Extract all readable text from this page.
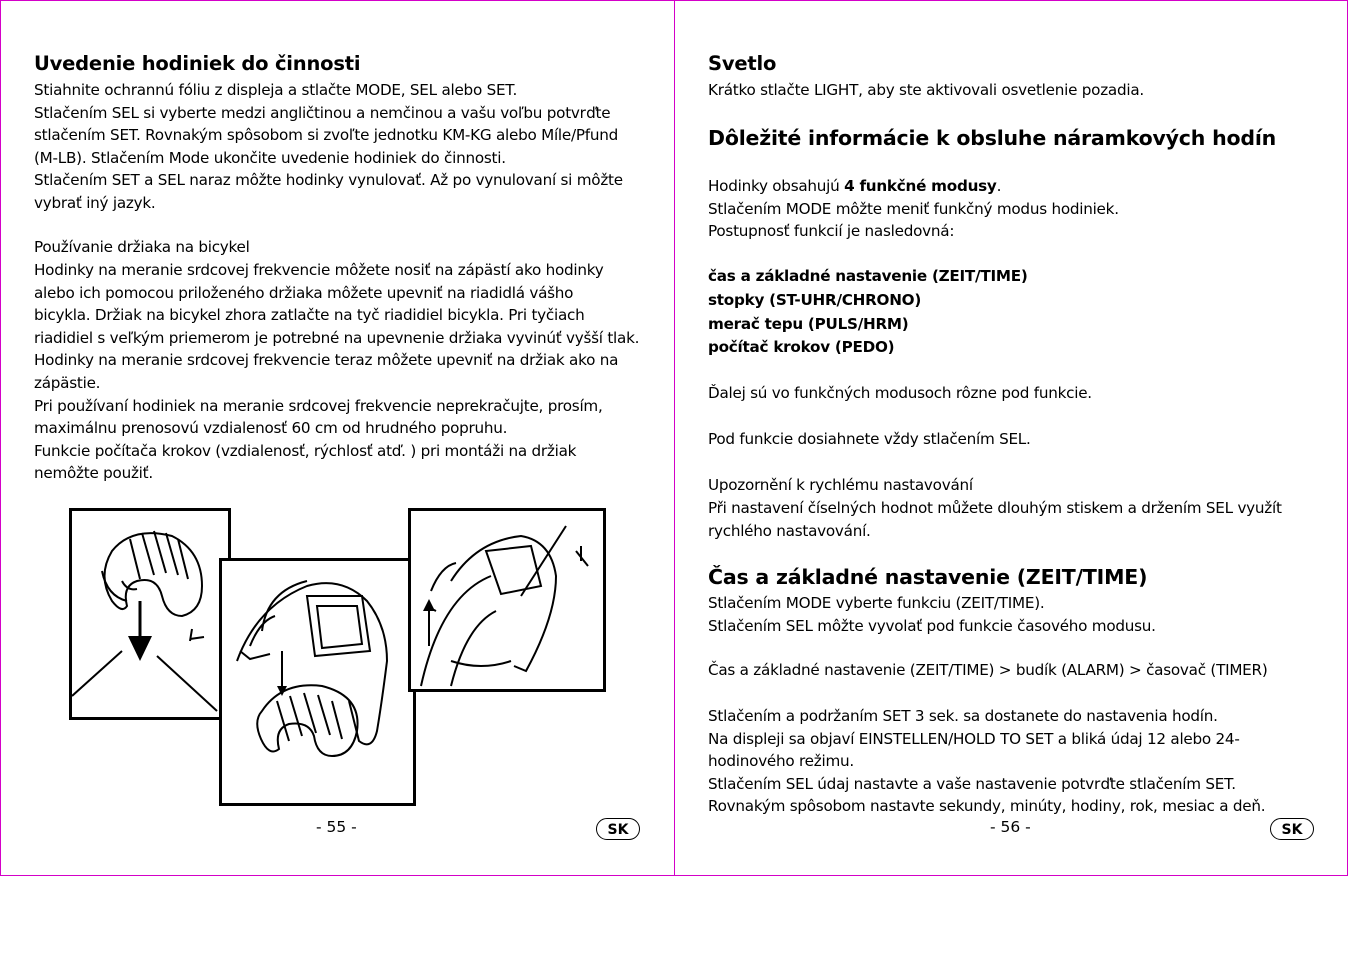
Uvedenie hodiniek do činnosti
Stiahnite ochrannú fóliu z displeja a stlačte MODE, SEL alebo SET.
Stlačením SEL si vyberte medzi angličtinou a nemčinou a vašu voľbu potvrďte
stlačením SET. Rovnakým spôsobom si zvoľte jednotku KM-KG alebo Míle/Pfund
(M-LB). Stlačením Mode ukončite uvedenie hodiniek do činnosti.
Stlačením SET a SEL naraz môžte hodinky vynulovať. Až po vynulovaní si môžte
vybrať iný jazyk.
Používanie držiaka na bicykel
Hodinky na meranie srdcovej frekvencie môžete nosiť na zápästí ako hodinky
alebo ich pomocou priloženého držiaka môžete upevniť na riadidlá vášho
bicykla. Držiak na bicykel zhora zatlačte na tyč riadidiel bicykla. Pri tyčiach
riadidiel s veľkým priemerom je potrebné na upevnenie držiaka vyvinúť vyšší tlak.
Hodinky na meranie srdcovej frekvencie teraz môžete upevniť na držiak ako na
zápästie.
Pri používaní hodiniek na meranie srdcovej frekvencie neprekračujte, prosím,
maximálnu prenosovú vzdialenosť 60 cm od hrudného popruhu.
Funkcie počítača krokov (vzdialenosť, rýchlosť atď. ) pri montáži na držiak
nemôžte použiť.
- 55 -	SK
Svetlo
Krátko stlačte LIGHT, aby ste aktivovali osvetlenie pozadia.
Dôležité informácie k obsluhe náramkových hodín
Hodinky obsahujú 4 funkčné modusy.
Stlačením MODE môžte meniť funkčný modus hodiniek.
Postupnosť funkcií je nasledovná:
čas a základné nastavenie (ZEIT/TIME)
stopky (ST-UHR/CHRONO)
merač tepu (PULS/HRM)
počítač krokov (PEDO)
Ďalej sú vo funkčných modusoch rôzne pod funkcie.
Pod funkcie dosiahnete vždy stlačením SEL.
Upozornění k rychlému nastavování
Při nastavení číselných hodnot můžete dlouhým stiskem a držením SEL využít
rychlého nastavování.
Čas a základné nastavenie (ZEIT/TIME)
Stlačením MODE vyberte funkciu (ZEIT/TIME).
Stlačením SEL môžte vyvolať pod funkcie časového modusu.
Čas a základné nastavenie (ZEIT/TIME) > budík (ALARM) > časovač (TIMER)
Stlačením a podržaním SET 3 sek. sa dostanete do nastavenia hodín.
Na displeji sa objaví EINSTELLEN/HOLD TO SET a bliká údaj 12 alebo 24-
hodinového režimu.
Stlačením SEL údaj nastavte a vaše nastavenie potvrďte stlačením SET.
Rovnakým spôsobom nastavte sekundy, minúty, hodiny, rok, mesiac a deň.
- 56 -	SK
